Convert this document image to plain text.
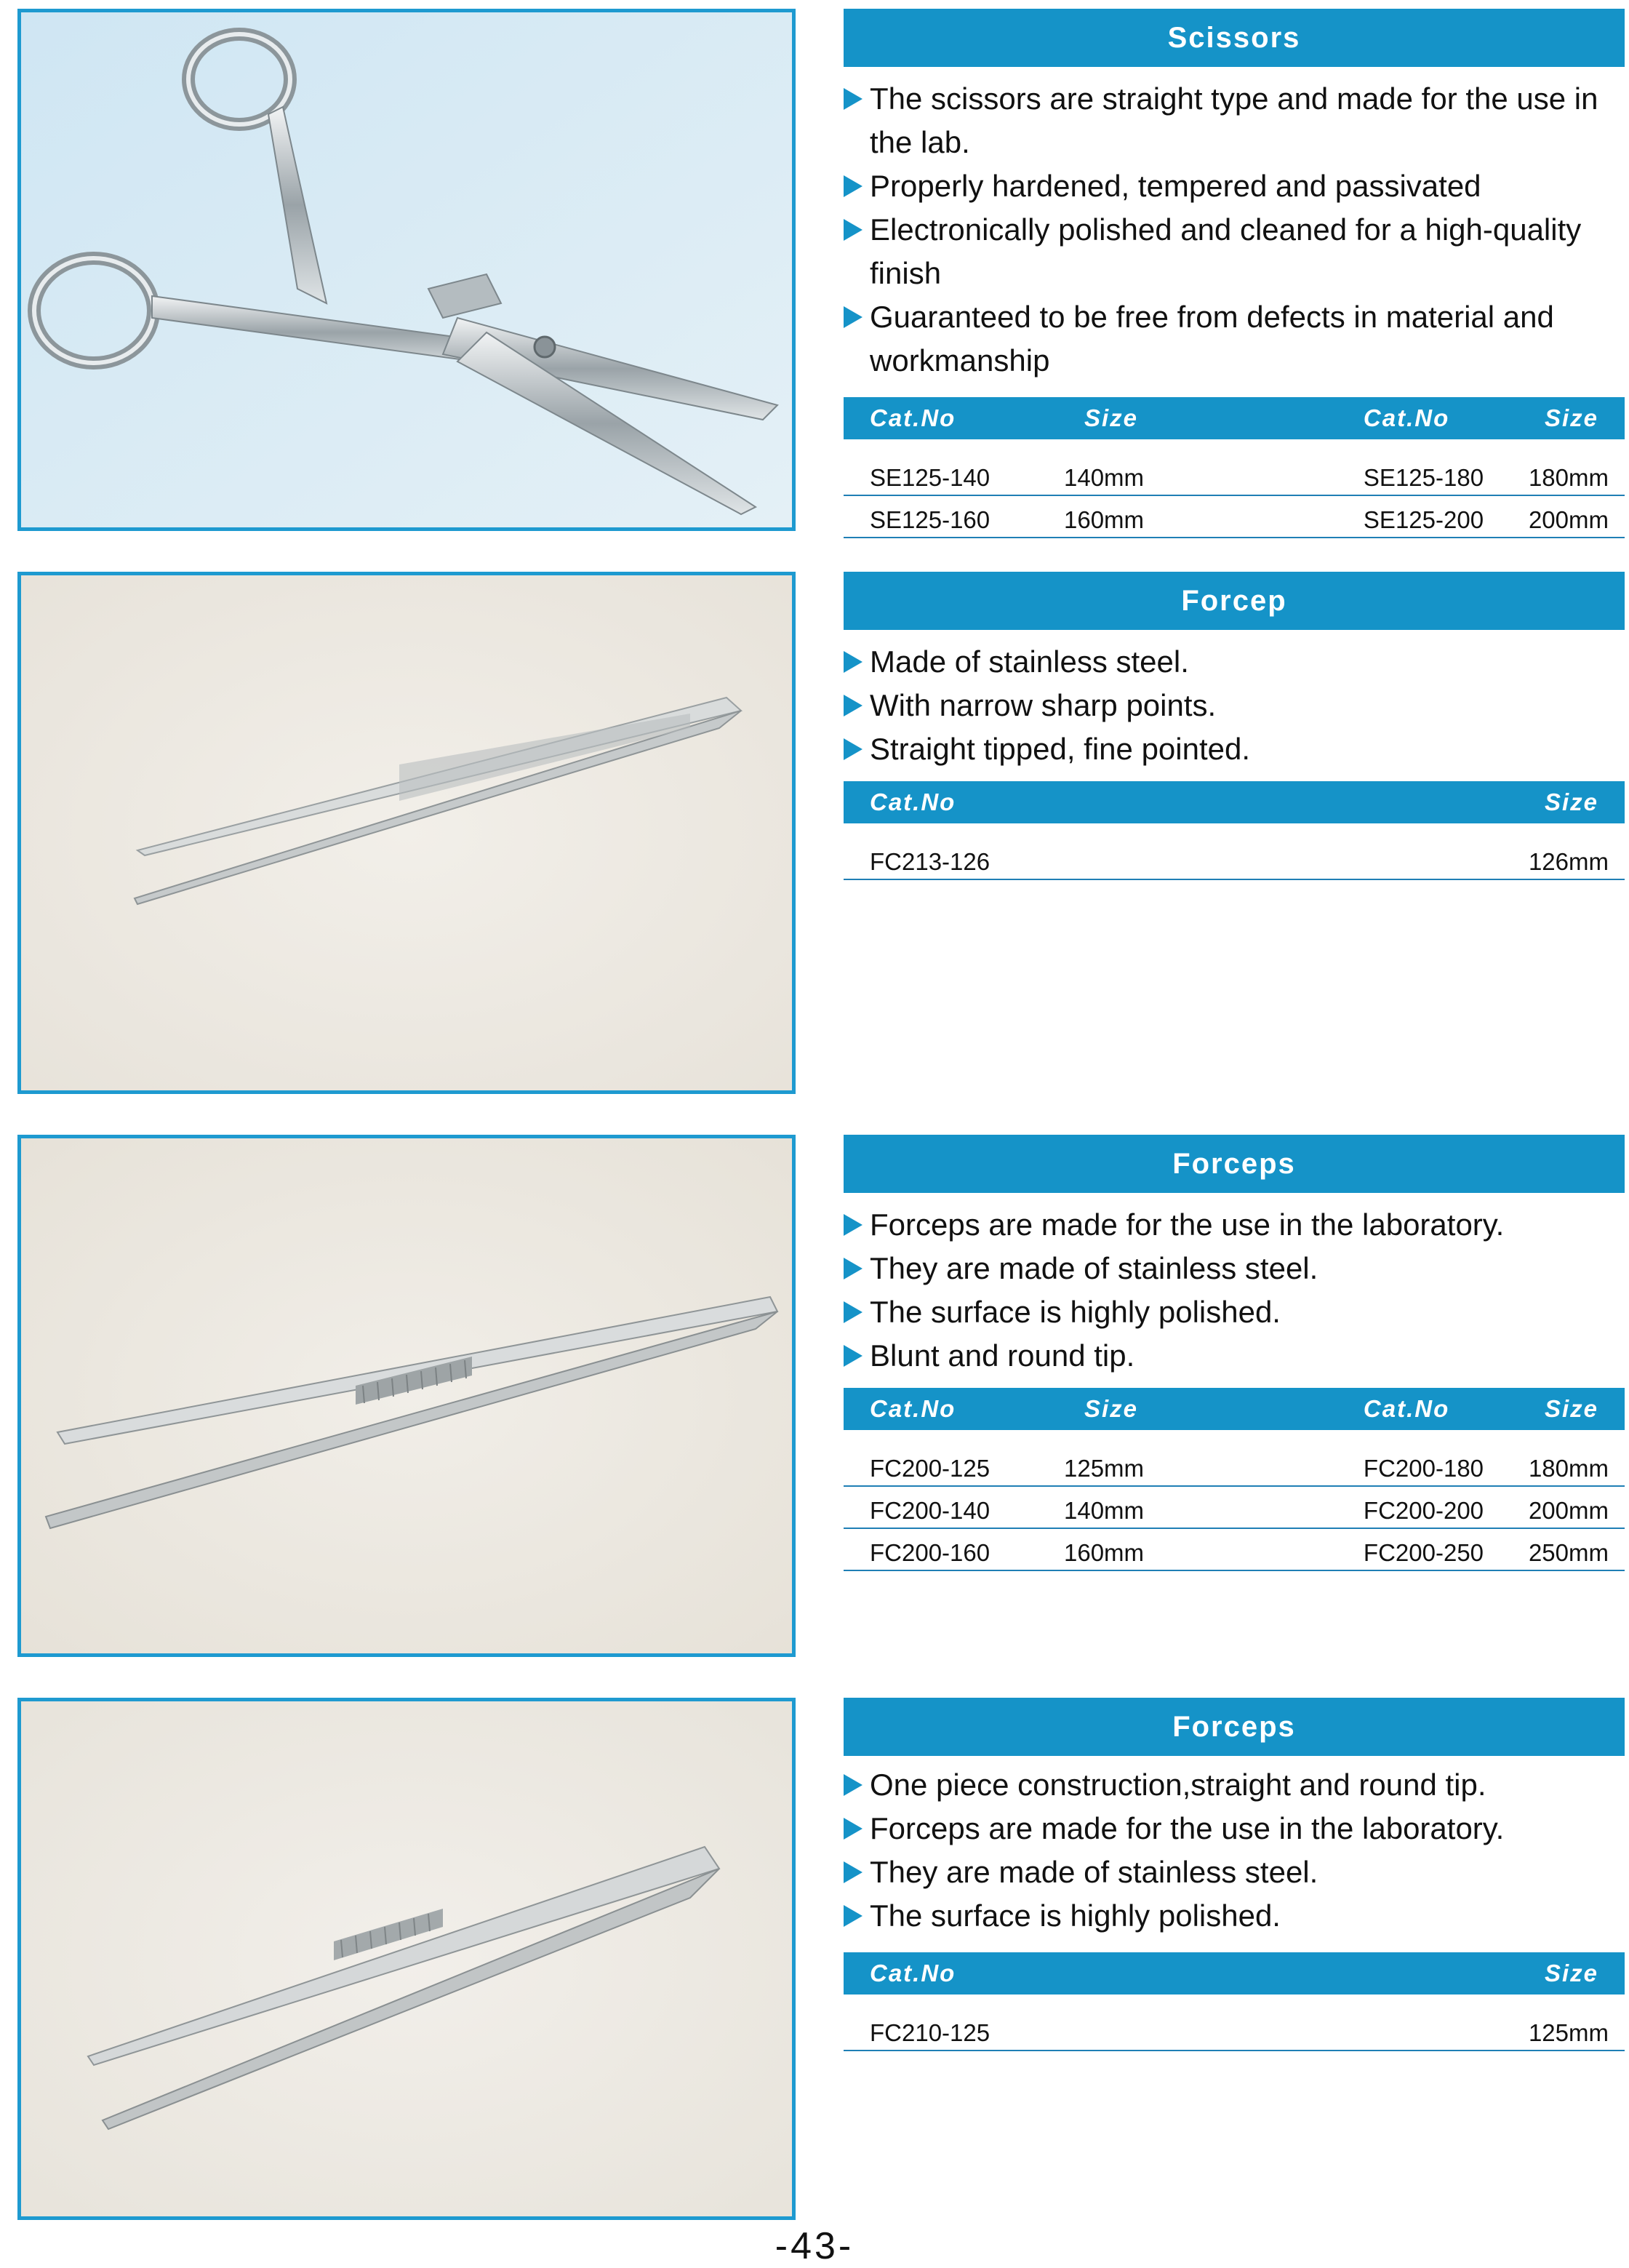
Scissors
The scissors are straight type and made for the use in the lab.
Properly hardened, tempered and passivated
Electronically polished and cleaned for a high-quality finish
Guaranteed to be free from defects in material and workmanship
Cat.No	Size	Cat.No	Size
SE125-140	140mm	SE125-180	180mm
SE125-160	160mm	SE125-200	200mm
Forcep
Made of stainless steel.
With narrow sharp points.
Straight tipped, fine pointed.
Cat.No	Size
FC213-126	126mm
Forceps
Forceps are made for the use in the laboratory.
They are made of stainless steel.
The surface is highly polished.
Blunt and round tip.
Cat.No	Size	Cat.No	Size
FC200-125	125mm	FC200-180	180mm
FC200-140	140mm	FC200-200	200mm
FC200-160	160mm	FC200-250	250mm
Forceps
One piece construction,straight and round tip.
Forceps are made for the use in the laboratory.
They are made of stainless steel.
The surface is highly polished.
Cat.No	Size
FC210-125	125mm
-43-
